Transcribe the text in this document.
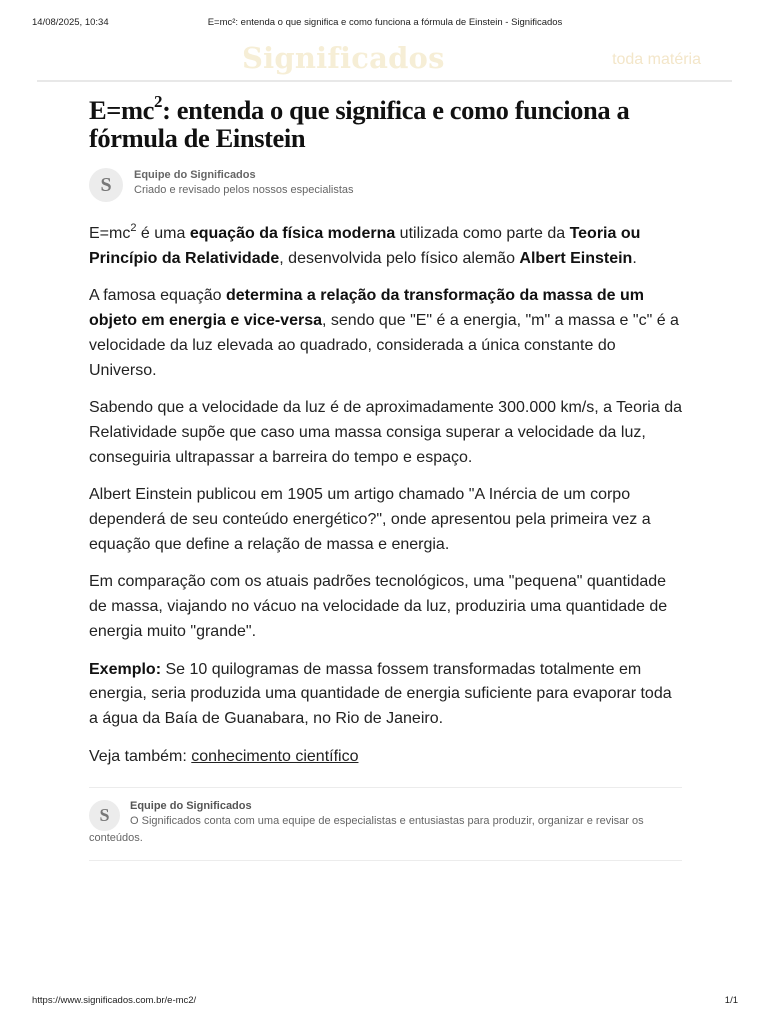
14/08/2025, 10:34	E=mc²: entenda o que significa e como funciona a fórmula de Einstein - Significados
Significados	toda matéria
$E=mc^2$: entenda o que significa e como funciona a fórmula de Einstein
S	Equipe do Significados
Criado e revisado pelos nossos especialistas

$E=mc^2$ é uma equação da física moderna utilizada como parte da Teoria ou Princípio da Relatividade, desenvolvida pelo físico alemão Albert Einstein.

A famosa equação determina a relação da transformação da massa de um objeto em energia e vice-versa, sendo que "E" é a energia, "m" a massa e "c" é a velocidade da luz elevada ao quadrado, considerada a única constante do Universo.

Sabendo que a velocidade da luz é de aproximadamente 300.000 km/s, a Teoria da Relatividade supõe que caso uma massa consiga superar a velocidade da luz, conseguiria ultrapassar a barreira do tempo e espaço.

Albert Einstein publicou em 1905 um artigo chamado "A Inércia de um corpo dependerá de seu conteúdo energético?", onde apresentou pela primeira vez a equação que define a relação de massa e energia.

Em comparação com os atuais padrões tecnológicos, uma "pequena" quantidade de massa, viajando no vácuo na velocidade da luz, produziria uma quantidade de energia muito "grande".

Exemplo: Se 10 quilogramas de massa fossem transformadas totalmente em energia, seria produzida uma quantidade de energia suficiente para evaporar toda a água da Baía de Guanabara, no Rio de Janeiro.

Veja também: conhecimento científico

S	Equipe do Significados
O Significados conta com uma equipe de especialistas e entusiastas para produzir, organizar e revisar os conteúdos.
https://www.significados.com.br/e-mc2/	1/1
